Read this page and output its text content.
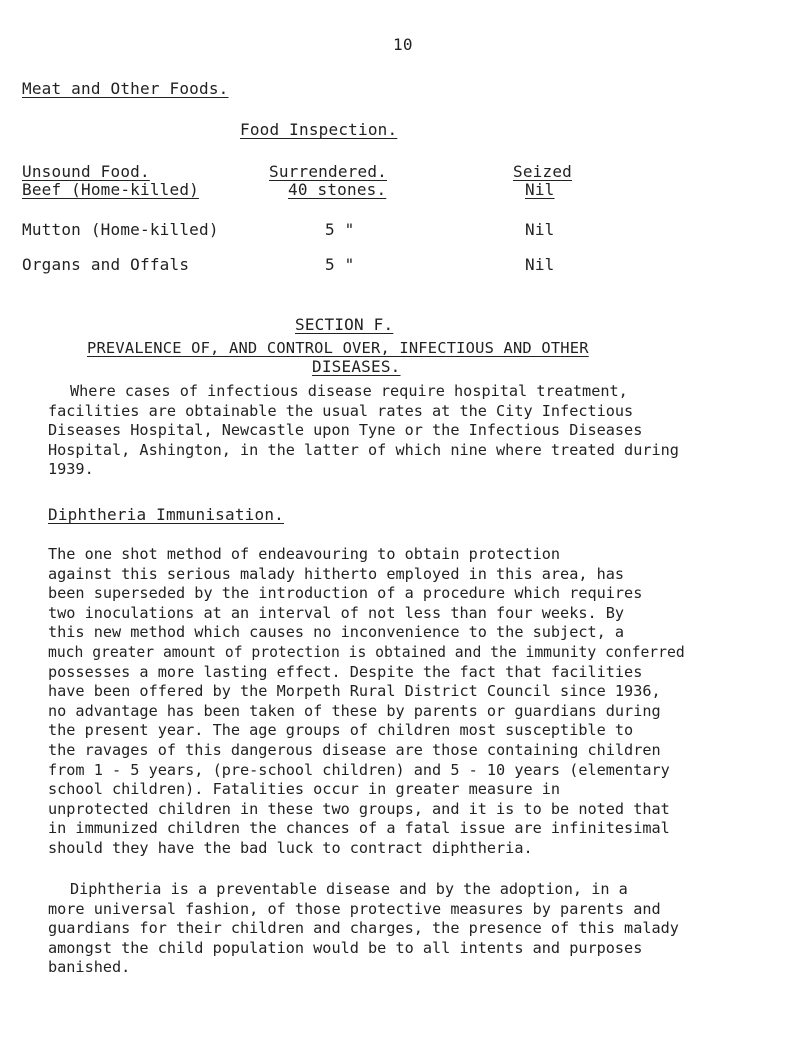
10
Meat and Other Foods.
Food Inspection.
Unsound Food.	Surrendered.	Seized
Beef (Home-killed)	40 stones.	Nil
Mutton (Home-killed)	5 "	Nil
Organs and Offals	5 "	Nil
SECTION F.
PREVALENCE OF, AND CONTROL OVER, INFECTIOUS AND OTHER
DISEASES.
Where cases of infectious disease require hospital treatment,
facilities are obtainable the usual rates at the City Infectious
Diseases Hospital, Newcastle upon Tyne or the Infectious Diseases
Hospital, Ashington, in the latter of which nine where treated during
1939.
Diphtheria Immunisation.
The one shot method of endeavouring to obtain protection
against this serious malady hitherto employed in this area, has
been superseded by the introduction of a procedure which requires
two inoculations at an interval of not less than four weeks. By
this new method which causes no inconvenience to the subject, a
much greater amount of protection is obtained and the immunity conferred
possesses a more lasting effect. Despite the fact that facilities
have been offered by the Morpeth Rural District Council since 1936,
no advantage has been taken of these by parents or guardians during
the present year. The age groups of children most susceptible to
the ravages of this dangerous disease are those containing children
from 1 - 5 years, (pre-school children) and 5 - 10 years (elementary
school children). Fatalities occur in greater measure in
unprotected children in these two groups, and it is to be noted that
in immunized children the chances of a fatal issue are infinitesimal
should they have the bad luck to contract diphtheria.
Diphtheria is a preventable disease and by the adoption, in a
more universal fashion, of those protective measures by parents and
guardians for their children and charges, the presence of this malady
amongst the child population would be to all intents and purposes
banished.
